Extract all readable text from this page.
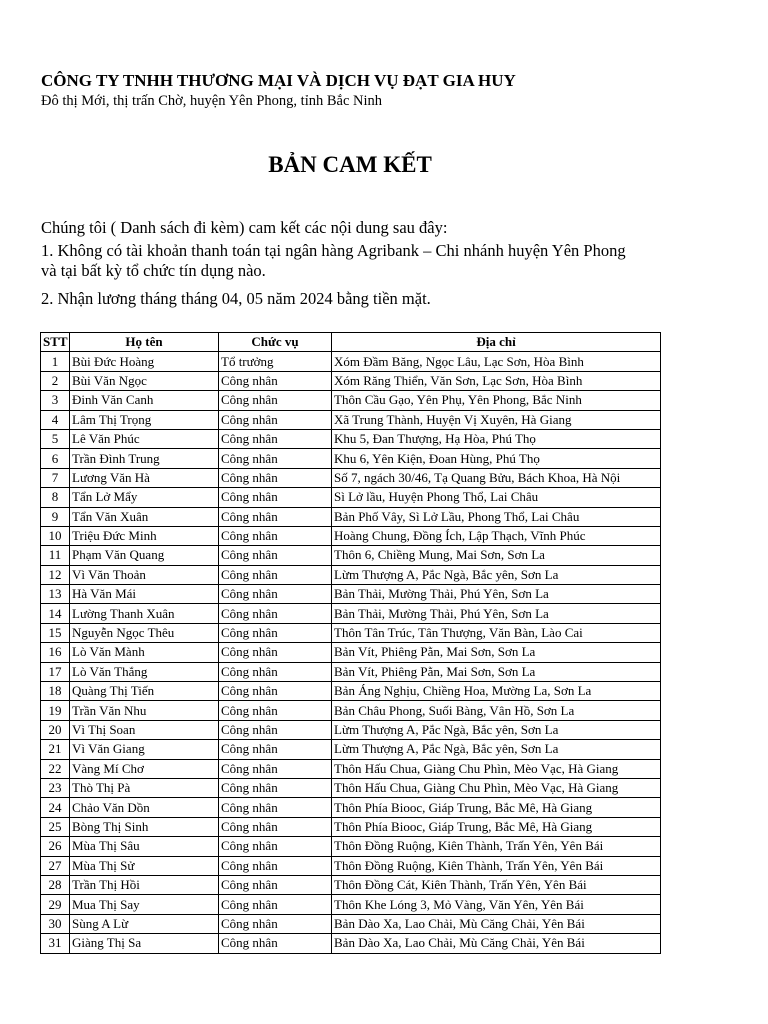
CÔNG TY TNHH THƯƠNG MẠI VÀ DỊCH VỤ ĐẠT GIA HUY
Đô thị Mới, thị trấn Chờ, huyện Yên Phong, tỉnh Bắc Ninh
BẢN CAM KẾT
Chúng tôi ( Danh sách đi kèm) cam kết các nội dung sau đây:
1. Không có tài khoản thanh toán tại ngân hàng Agribank – Chi nhánh huyện Yên Phong và tại bất kỳ tổ chức tín dụng nào.
2. Nhận lương tháng tháng 04, 05 năm 2024 bằng tiền mặt.
STT	Họ tên	Chức vụ	Địa chỉ
1	Bùi Đức Hoàng	Tổ trưởng	Xóm Đầm Băng, Ngọc Lâu, Lạc Sơn, Hòa Bình
2	Bùi Văn Ngọc	Công nhân	Xóm Răng Thiển, Văn Sơn, Lạc Sơn, Hòa Bình
3	Đinh Văn Canh	Công nhân	Thôn Cầu Gạo, Yên Phụ, Yên Phong, Bắc Ninh
4	Lâm Thị Trọng	Công nhân	Xã Trung Thành, Huyện Vị Xuyên, Hà Giang
5	Lê Văn Phúc	Công nhân	Khu 5, Đan Thượng, Hạ Hòa, Phú Thọ
6	Trần Đình Trung	Công nhân	Khu 6, Yên Kiện, Đoan Hùng, Phú Thọ
7	Lương Văn Hà	Công nhân	Số 7, ngách 30/46, Tạ Quang Bửu, Bách Khoa, Hà Nội
8	Tẩn Lở Mẩy	Công nhân	Sì Lở lầu, Huyện Phong Thổ, Lai Châu
9	Tẩn Văn Xuân	Công nhân	Bản Phố Vây, Sì Lở Lầu, Phong Thổ, Lai Châu
10	Triệu Đức Minh	Công nhân	Hoàng Chung, Đồng Ích, Lập Thạch, Vĩnh Phúc
11	Phạm Văn Quang	Công nhân	Thôn 6, Chiềng Mung, Mai Sơn, Sơn La
12	Vì Văn Thoản	Công nhân	Lừm Thượng A, Pắc Ngà, Bắc yên, Sơn La
13	Hà Văn Mái	Công nhân	Bản Thải, Mường Thải, Phú Yên, Sơn La
14	Lường Thanh Xuân	Công nhân	Bản Thải, Mường Thải, Phú Yên, Sơn La
15	Nguyễn Ngọc Thêu	Công nhân	Thôn Tân Trúc, Tân Thượng, Văn Bàn, Lào Cai
16	Lò Văn Mành	Công nhân	Bản Vít, Phiêng Pằn, Mai Sơn, Sơn La
17	Lò Văn Thắng	Công nhân	Bản Vít, Phiêng Pằn, Mai Sơn, Sơn La
18	Quàng Thị Tiến	Công nhân	Bản Áng Nghịu, Chiềng Hoa, Mường La, Sơn La
19	Trần Văn Nhu	Công nhân	Bản Châu Phong, Suối Bàng, Vân Hồ, Sơn La
20	Vì Thị Soan	Công nhân	Lừm Thượng A, Pắc Ngà, Bắc yên, Sơn La
21	Vì Văn Giang	Công nhân	Lừm Thượng A, Pắc Ngà, Bắc yên, Sơn La
22	Vàng Mí Chơ	Công nhân	Thôn Hấu Chua, Giàng Chu Phìn, Mèo Vạc, Hà Giang
23	Thò Thị Pà	Công nhân	Thôn Hấu Chua, Giàng Chu Phìn, Mèo Vạc, Hà Giang
24	Chảo Văn Dồn	Công nhân	Thôn Phía Biooc, Giáp Trung, Bắc Mê, Hà Giang
25	Bòng Thị Sinh	Công nhân	Thôn Phía Biooc, Giáp Trung, Bắc Mê, Hà Giang
26	Mùa Thị Sâu	Công nhân	Thôn Đồng Ruộng, Kiên Thành, Trấn Yên, Yên Bái
27	Mùa Thị Sử	Công nhân	Thôn Đồng Ruộng, Kiên Thành, Trấn Yên, Yên Bái
28	Trần Thị Hồi	Công nhân	Thôn Đồng Cát, Kiên Thành, Trấn Yên, Yên Bái
29	Mua Thị Say	Công nhân	Thôn Khe Lóng 3, Mỏ Vàng, Văn Yên, Yên Bái
30	Sùng A Lừ	Công nhân	Bản Dào Xa, Lao Chải, Mù Căng Chải, Yên Bái
31	Giàng Thị Sa	Công nhân	Bản Dào Xa, Lao Chải, Mù Căng Chải, Yên Bái
